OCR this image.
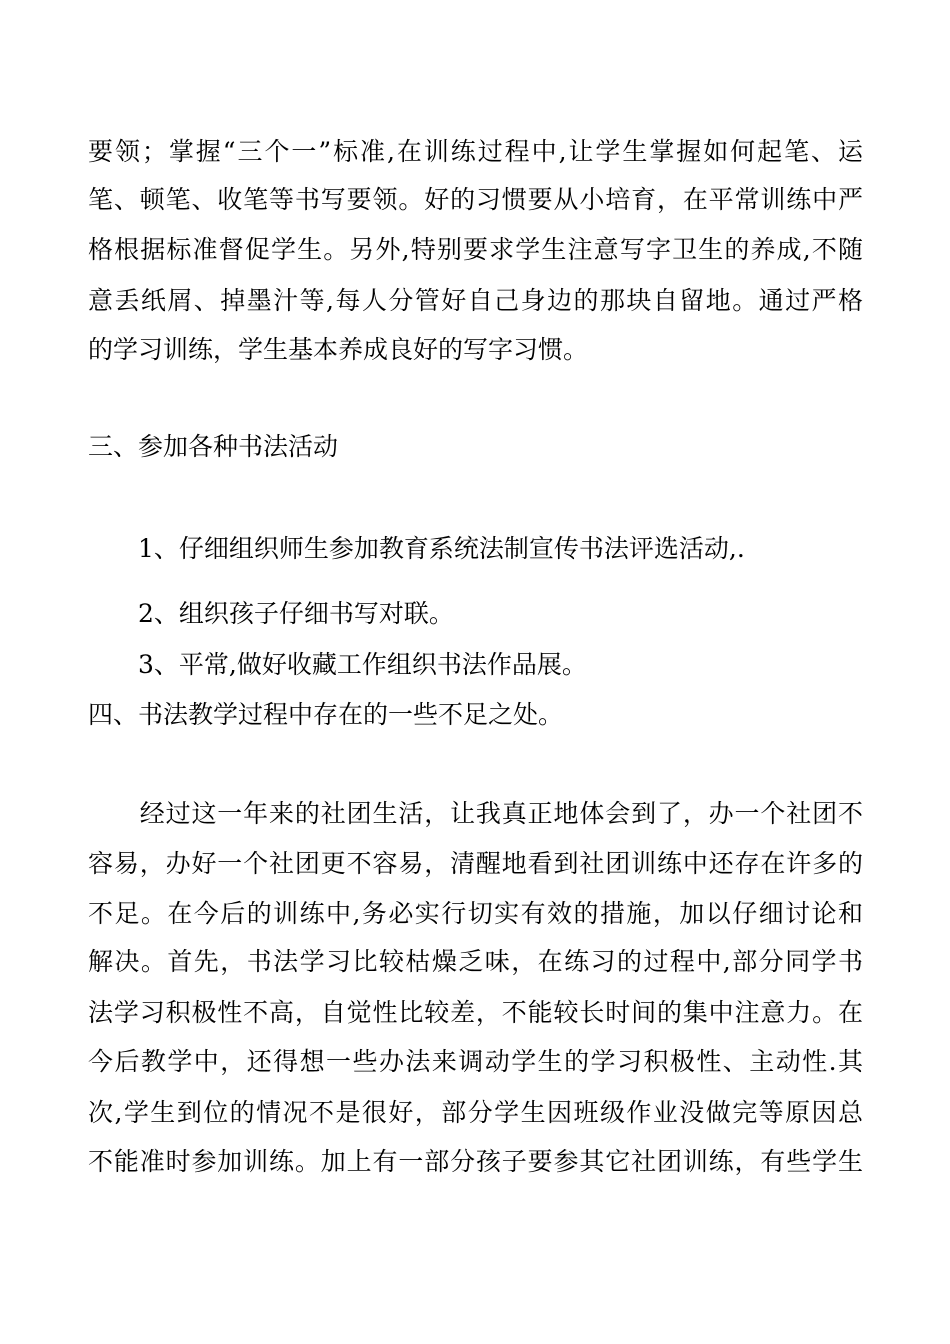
要领；掌握“三个一”标准,在训练过程中,让学生掌握如何起笔、运
笔、顿笔、收笔等书写要领。好的习惯要从小培育，在平常训练中严
格根据标准督促学生。另外,特别要求学生注意写字卫生的养成,不随
意丢纸屑、掉墨汁等,每人分管好自己身边的那块自留地。通过严格
的学习训练，学生基本养成良好的写字习惯。
三、参加各种书法活动
1、仔细组织师生参加教育系统法制宣传书法评选活动,.
2、组织孩子仔细书写对联。
3、平常,做好收藏工作组织书法作品展。
四、书法教学过程中存在的一些不足之处。
　　经过这一年来的社团生活，让我真正地体会到了，办一个社团不
容易，办好一个社团更不容易，清醒地看到社团训练中还存在许多的
不足。在今后的训练中,务必实行切实有效的措施，加以仔细讨论和
解决。首先，书法学习比较枯燥乏味，在练习的过程中,部分同学书
法学习积极性不高，自觉性比较差，不能较长时间的集中注意力。在
今后教学中，还得想一些办法来调动学生的学习积极性、主动性.其
次,学生到位的情况不是很好，部分学生因班级作业没做完等原因总
不能准时参加训练。加上有一部分孩子要参其它社团训练，有些学生
